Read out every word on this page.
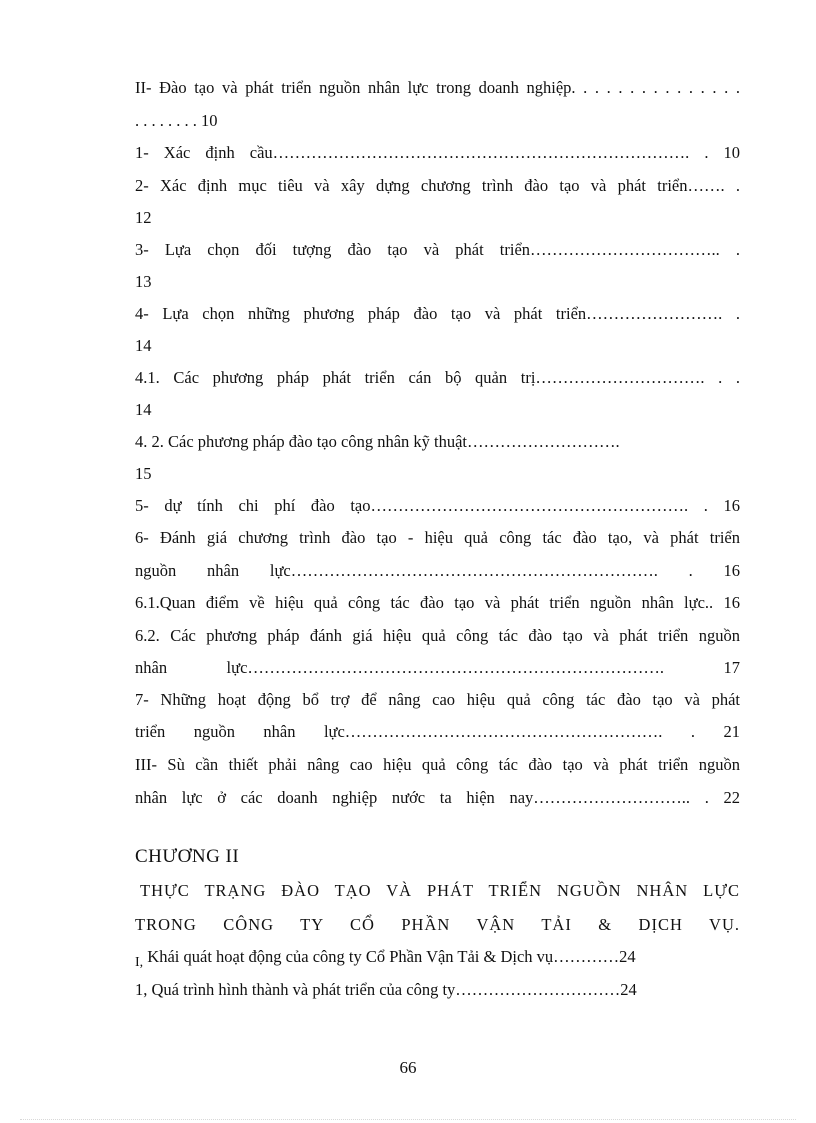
II- Đào tạo và phát triển nguồn nhân lực trong doanh nghiệp. . . . . . . . . . . . . . .
. . . . . . . . 10
1- Xác định cầu…………………………………………………………………. . 10
2- Xác định mục tiêu và xây dựng chương trình đào tạo và phát triển……. .
12
3- Lựa chọn đối tượng đào tạo và phát triển…………………………….. .
13
4- Lựa chọn những phương pháp đào tạo và phát triển……………………. .
14
4.1. Các phương pháp phát triển cán bộ quản trị…………………………. . .
14
4. 2. Các phương pháp đào tạo công nhân kỹ thuật……………………….
15
5- dự tính chi phí đào tạo…………………………………………………. . 16
6- Đánh giá chương trình đào tạo - hiệu quả công tác đào tạo, và phát triển
nguồn nhân lực…………………………………………………………. . 16
6.1.Quan điểm về hiệu quả công tác đào tạo và phát triển nguồn nhân lực.. 16
6.2. Các phương pháp đánh giá hiệu quả công tác đào tạo và phát triển nguồn
nhân lực…………………………………………………………………. 17
7- Những hoạt động bổ trợ để nâng cao hiệu quả công tác đào tạo và phát
triển nguồn nhân lực…………………………………………………. . 21
III- Sù cần thiết phải nâng cao hiệu quả công tác đào tạo và phát triển nguồn
nhân lực ở các doanh nghiệp nước ta hiện nay……………………….. . 22
CHƯƠNG II
THỰC TRẠNG ĐÀO TẠO VÀ PHÁT TRIỂN NGUỒN NHÂN LỰC
TRONG CÔNG TY CỔ PHẦN VẬN TẢI & DỊCH VỤ.
$_{I,}$ Khái quát hoạt động của công ty Cổ Phần Vận Tải & Dịch vụ…………24
1, Quá trình hình thành và phát triển của công ty…………………………24
66
